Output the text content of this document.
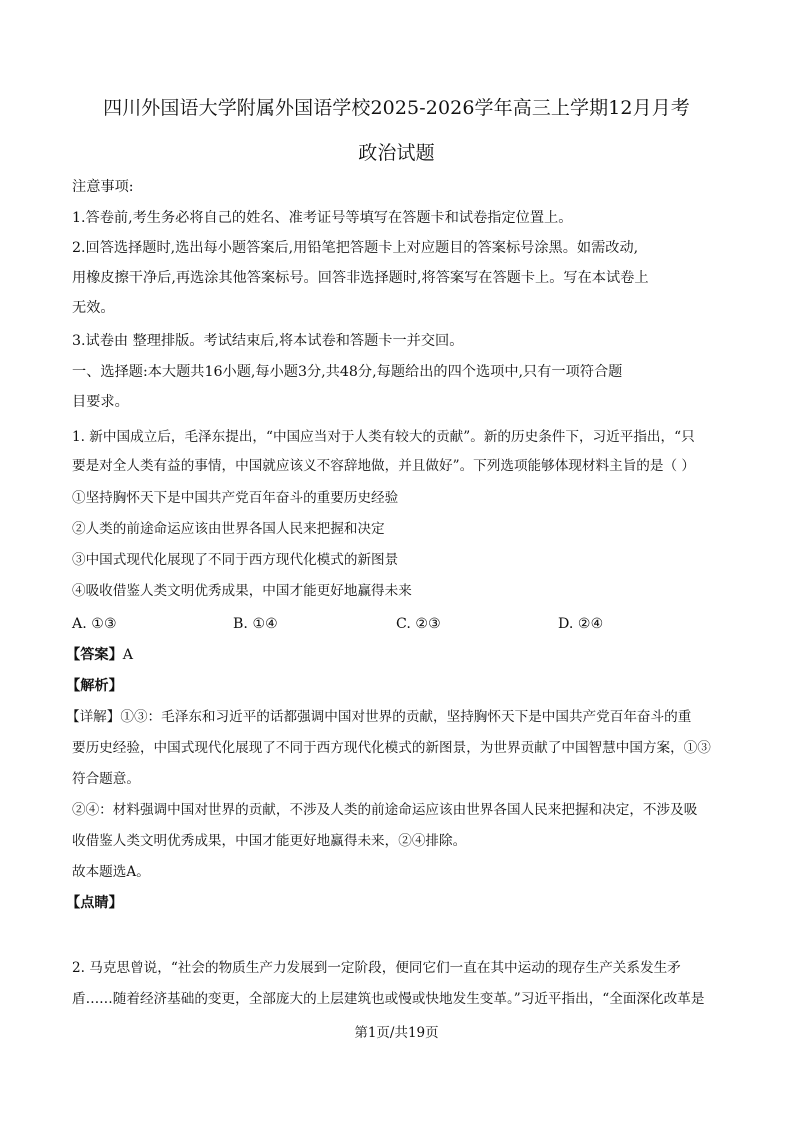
四川外国语大学附属外国语学校2025-2026学年高三上学期12月月考
政治试题
注意事项:
1.答卷前,考生务必将自己的姓名、准考证号等填写在答题卡和试卷指定位置上。
2.回答选择题时,选出每小题答案后,用铅笔把答题卡上对应题目的答案标号涂黑。如需改动,
用橡皮擦干净后,再选涂其他答案标号。回答非选择题时,将答案写在答题卡上。写在本试卷上
无效。
3.试卷由 整理排版。考试结束后,将本试卷和答题卡一并交回。
一、选择题:本大题共16小题,每小题3分,共48分,每题给出的四个选项中,只有一项符合题
目要求。
1. 新中国成立后，毛泽东提出，“中国应当对于人类有较大的贡献”。新的历史条件下，习近平指出，“只
要是对全人类有益的事情，中国就应该义不容辞地做，并且做好”。下列选项能够体现材料主旨的是（ ）
①坚持胸怀天下是中国共产党百年奋斗的重要历史经验
②人类的前途命运应该由世界各国人民来把握和决定
③中国式现代化展现了不同于西方现代化模式的新图景
④吸收借鉴人类文明优秀成果，中国才能更好地赢得未来
A. ①③	B. ①④	C. ②③	D. ②④
【答案】A
【解析】
【详解】①③：毛泽东和习近平的话都强调中国对世界的贡献，坚持胸怀天下是中国共产党百年奋斗的重
要历史经验，中国式现代化展现了不同于西方现代化模式的新图景，为世界贡献了中国智慧中国方案，①③
符合题意。
②④：材料强调中国对世界的贡献，不涉及人类的前途命运应该由世界各国人民来把握和决定，不涉及吸
收借鉴人类文明优秀成果，中国才能更好地赢得未来，②④排除。
故本题选A。
【点睛】
2. 马克思曾说，“社会的物质生产力发展到一定阶段，便同它们一直在其中运动的现存生产关系发生矛
盾……随着经济基础的变更，全部庞大的上层建筑也或慢或快地发生变革。”习近平指出，“全面深化改革是
第1页/共19页
